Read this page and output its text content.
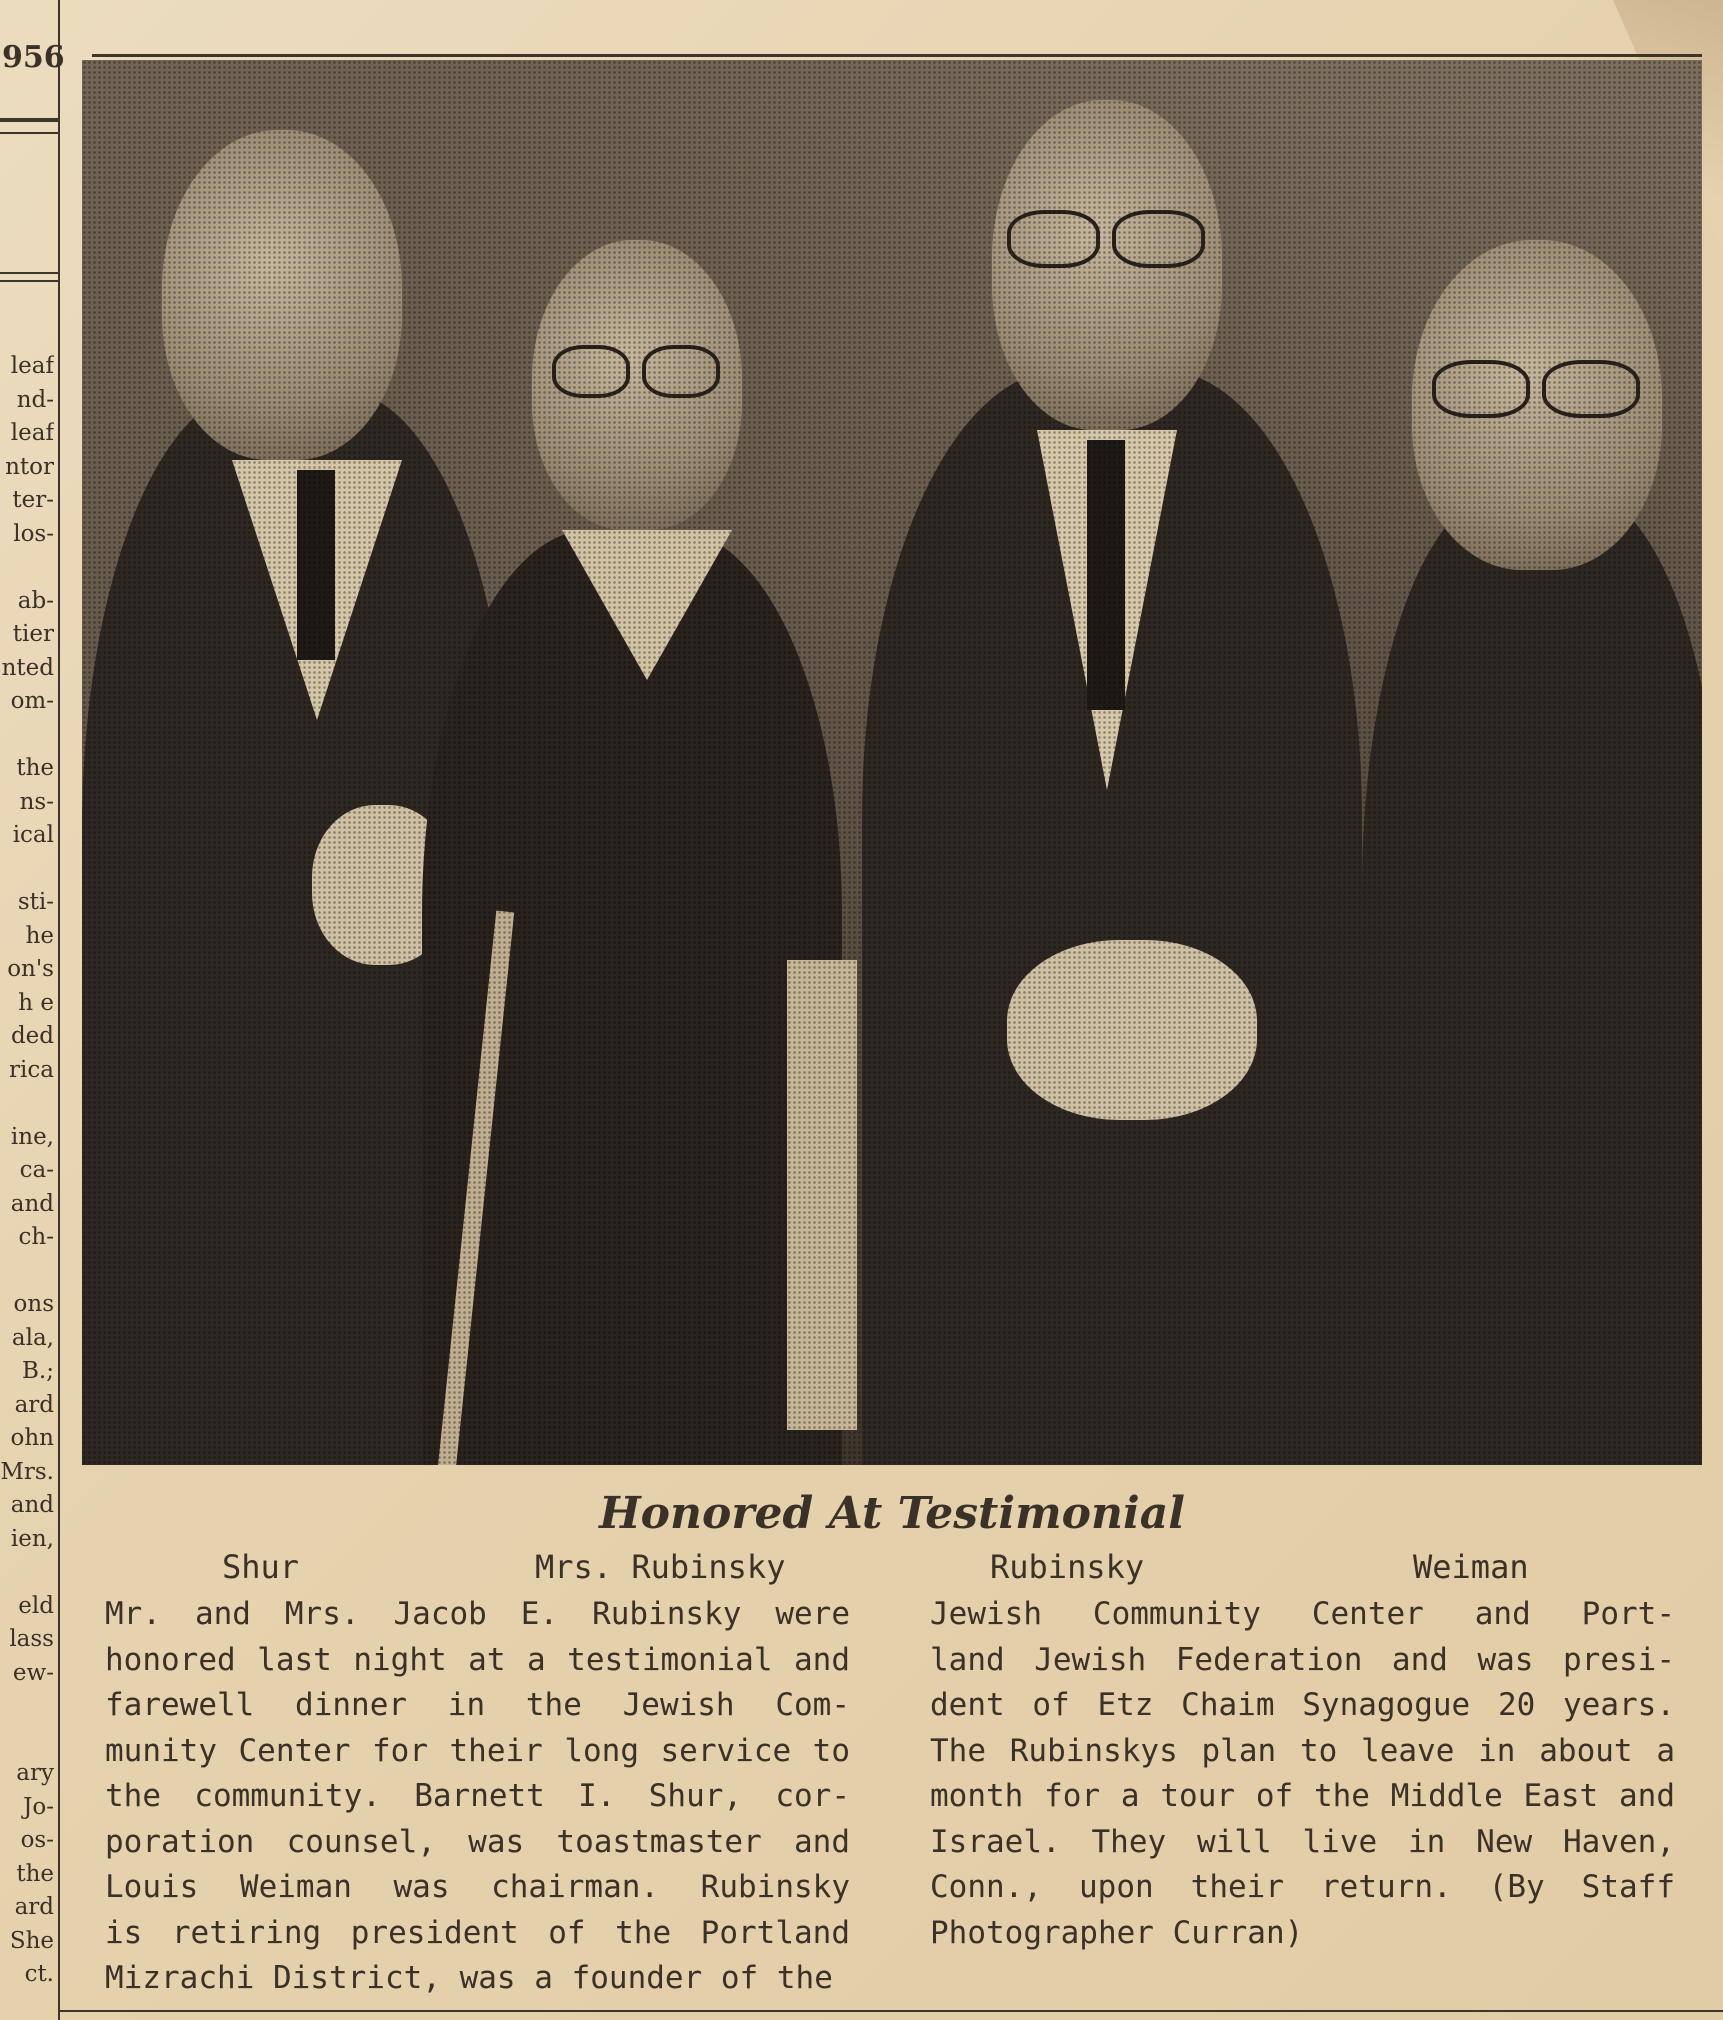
956
leaf
nd-
leaf
ntor
ter-
los-
ab-
tier
nted
om-
the
ns-
ical
sti-
he
on's
h e
ded
rica
ine,
ca-
and
ch-
ons
ala,
B.;
ard
ohn
Mrs.
and
ien,
eld
lass
ew-
ary
Jo-
os-
the
ard
She
ct.
Honored At Testimonial
Shur	Mrs. Rubinsky	Rubinsky	Weiman
Mr. and Mrs. Jacob E. Rubinsky were
honored last night at a testimonial and
farewell dinner in the Jewish Com-
munity Center for their long service to
the community. Barnett I. Shur, cor-
poration counsel, was toastmaster and
Louis Weiman was chairman. Rubinsky
is retiring president of the Portland
Mizrachi District, was a founder of the
Jewish Community Center and Port-
land Jewish Federation and was presi-
dent of Etz Chaim Synagogue 20 years.
The Rubinskys plan to leave in about a
month for a tour of the Middle East and
Israel. They will live in New Haven,
Conn., upon their return. (By Staff
Photographer Curran)
